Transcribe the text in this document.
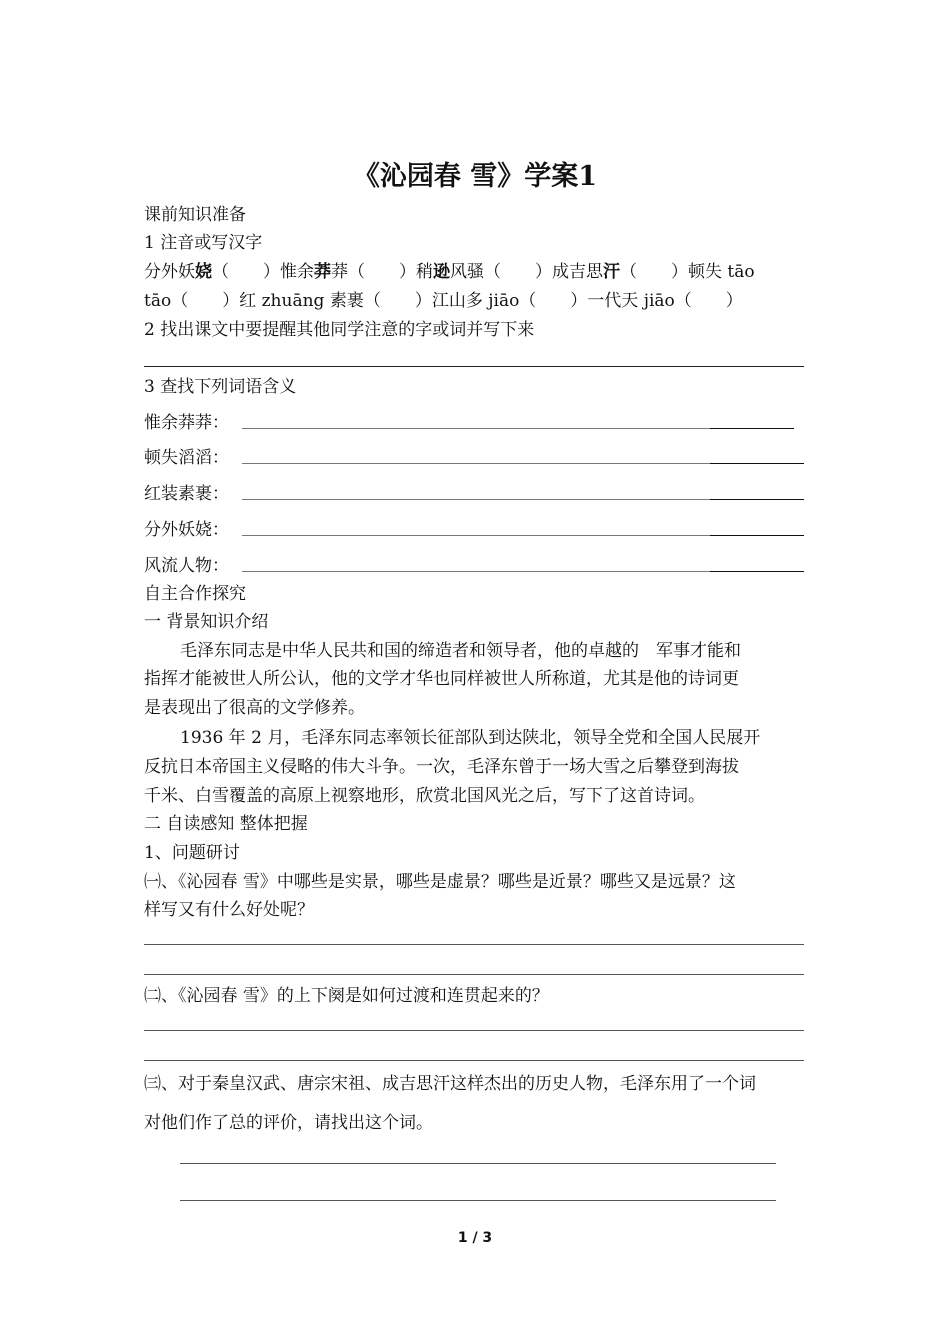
《沁园春 雪》学案1
课前知识准备
1 注音或写汉字
分外妖娆（　　）惟余莽莽（　　）稍逊风骚（　　）成吉思汗（　　）顿失 tāo
tāo（　　）红 zhuāng 素裹（　　）江山多 jiāo（　　）一代天 jiāo（　　）
2 找出课文中要提醒其他同学注意的字或词并写下来
3 查找下列词语含义
惟余莽莽：
顿失滔滔：
红装素裹：
分外妖娆：
风流人物：
自主合作探究
一 背景知识介绍
毛泽东同志是中华人民共和国的缔造者和领导者，他的卓越的　军事才能和
指挥才能被世人所公认，他的文学才华也同样被世人所称道，尤其是他的诗词更
是表现出了很高的文学修养。
1936 年 2 月，毛泽东同志率领长征部队到达陕北，领导全党和全国人民展开
反抗日本帝国主义侵略的伟大斗争。一次，毛泽东曾于一场大雪之后攀登到海拔
千米、白雪覆盖的高原上视察地形，欣赏北国风光之后，写下了这首诗词。
二 自读感知 整体把握
1、问题研讨
㈠、《沁园春 雪》中哪些是实景，哪些是虚景？哪些是近景？哪些又是远景？这
样写又有什么好处呢？
㈡、《沁园春 雪》的上下阕是如何过渡和连贯起来的？
㈢、对于秦皇汉武、唐宗宋祖、成吉思汗这样杰出的历史人物，毛泽东用了一个词
对他们作了总的评价，请找出这个词。
1 / 3
